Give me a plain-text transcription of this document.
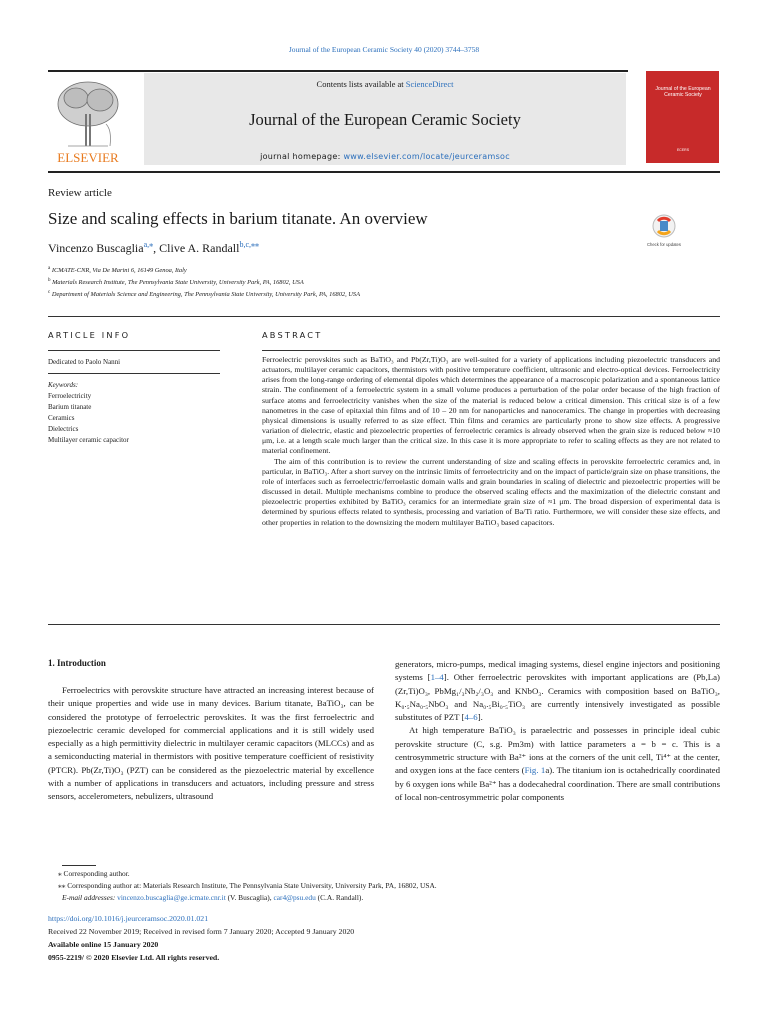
Journal of the European Ceramic Society 40 (2020) 3744–3758
ELSEVIER
Contents lists available at ScienceDirect
Journal of the European Ceramic Society
journal homepage: www.elsevier.com/locate/jeurceramsoc
Journal of the European Ceramic Society
ECERS
Review article
Size and scaling effects in barium titanate. An overview
Check for updates
Vincenzo Buscaglia$^{a,⁎}$, Clive A. Randall$^{b,c,⁎⁎}$
$^a$ ICMATE-CNR, Via De Marini 6, 16149 Genoa, Italy
$^b$ Materials Research Institute, The Pennsylvania State University, University Park, PA, 16802, USA
$^c$ Department of Materials Science and Engineering, The Pennsylvania State University, University Park, PA, 16802, USA
ARTICLE INFO
Dedicated to Paolo Nanni
Keywords:
Ferroelectricity
Barium titanate
Ceramics
Dielectrics
Multilayer ceramic capacitor
ABSTRACT

Ferroelectric perovskites such as BaTiO₃ and Pb(Zr,Ti)O₃ are well-suited for a variety of applications including piezoelectric transducers and actuators, multilayer ceramic capacitors, thermistors with positive temperature coefficient, ultrasonic and electro-optical devices. Ferroelectricity arises from the long-range ordering of elemental dipoles which determines the appearance of a macroscopic polarization and a spontaneous lattice strain. The confinement of a ferroelectric system in a small volume produces a perturbation of the polar order because of the high fraction of surface atoms and ferroelectricity vanishes when the size of the material is reduced below a critical dimension. This critical size is of a few nanometres in the case of epitaxial thin films and of 10 – 20 nm for nanoparticles and nanoceramics. The change in properties with decreasing physical dimensions is usually referred to as size effect. Thin films and ceramics are particularly prone to show size effects. A progressive variation of dielectric, elastic and piezoelectric properties of ferroelectric ceramics is already observed when the grain size is reduced below ≈10 μm, i.e. at a length scale much larger than the critical size. In this case it is more appropriate to refer to scaling effects as they are not related to material confinement.

The aim of this contribution is to review the current understanding of size and scaling effects in perovskite ferroelectric ceramics and, in particular, in BaTiO₃. After a short survey on the intrinsic limits of ferroelectricity and on the impact of particle/grain size on phase transitions, the role of interfaces such as ferroelectric/ferroelastic domain walls and grain boundaries in scaling of dielectric and piezoelectric properties will be discussed in detail. Multiple mechanisms combine to produce the observed scaling effects and the maximization of the dielectric constant and piezoelectric properties exhibited by BaTiO₃ ceramics for an intermediate grain size of ≈1 μm. The broad dispersion of experimental data is determined by spurious effects related to synthesis, processing and variation of Ba/Ti ratio. Furthermore, we will consider these size effects, and other properties in relation to the downsizing the modern multilayer BaTiO₃ based capacitors.

1. Introduction

Ferroelectrics with perovskite structure have attracted an increasing interest because of their unique properties and wide use in many devices. Barium titanate, BaTiO₃, can be considered the prototype of ferroelectric perovskites. It was the first ferroelectric and piezoelectric ceramic developed for commercial applications and it is still widely used especially as a high permittivity dielectric in multilayer ceramic capacitors (MLCCs) and as a semiconducting material in thermistors with positive temperature coefficient of resistivity (PTCR). Pb(Zr,Ti)O₃ (PZT) can be considered as the piezoelectric material by excellence with a number of applications in transducers and actuators, including pressure and stress sensors, accelerometers, nebulizers, ultrasound

generators, micro-pumps, medical imaging systems, diesel engine injectors and positioning systems [1–4]. Other ferroelectric perovskites with important applications are (Pb,La)(Zr,Ti)O₃, PbMg₁/₃Nb₂/₃O₃ and KNbO₃. Ceramics with composition based on BaTiO₃, K₀.₅Na₀.₅NbO₃ and Na₀.₅Bi₀.₅TiO₃ are currently intensively investigated as possible substitutes of PZT [4–6].

At high temperature BaTiO₃ is paraelectric and possesses in principle ideal cubic perovskite structure (C, s.g. Pm3m) with lattice parameters a = b = c. This is a centrosymmetric structure with Ba²⁺ ions at the corners of the unit cell, Ti⁴⁺ at the center, and oxygen ions at the face centers (Fig. 1a). The titanium ion is octahedrically coordinated by 6 oxygen ions while Ba²⁺ has a dodecahedral coordination. There are small contributions of local non-centrosymmetric polar components

⁎ Corresponding author.
⁎⁎ Corresponding author at: Materials Research Institute, The Pennsylvania State University, University Park, PA, 16802, USA.
E-mail addresses: vincenzo.buscaglia@ge.icmate.cnr.it (V. Buscaglia), car4@psu.edu (C.A. Randall).
https://doi.org/10.1016/j.jeurceramsoc.2020.01.021
Received 22 November 2019; Received in revised form 7 January 2020; Accepted 9 January 2020
Available online 15 January 2020
0955-2219/ © 2020 Elsevier Ltd. All rights reserved.
